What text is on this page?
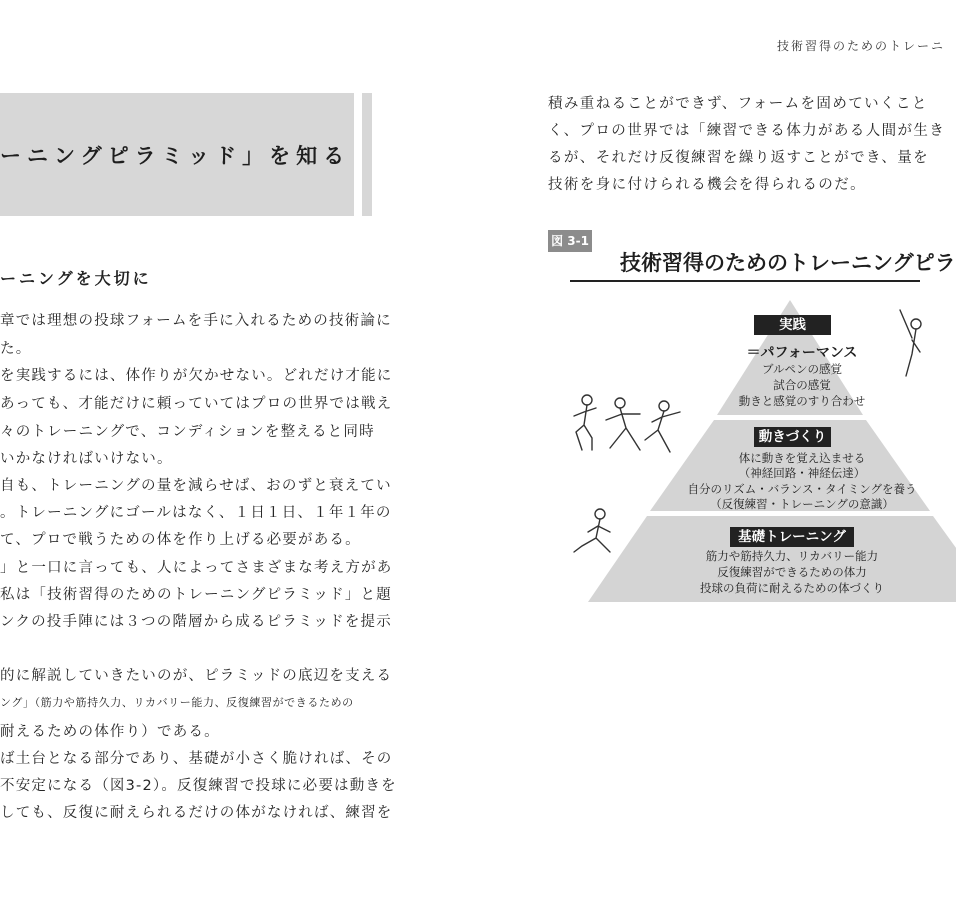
技術習得のためのトレーニ
ーニングピラミッド」を知る
ーニングを大切に
章では理想の投球フォームを手に入れるための技術論に
た。
を実践するには、体作りが欠かせない。どれだけ才能に
あっても、才能だけに頼っていてはプロの世界では戦え
々のトレーニングで、コンディションを整えると同時
いかなければいけない。
自も、トレーニングの量を減らせば、おのずと衰えてい
。トレーニングにゴールはなく、１日１日、１年１年の
て、プロで戦うための体を作り上げる必要がある。
」と一口に言っても、人によってさまざまな考え方があ
私は「技術習得のためのトレーニングピラミッド」と題
ンクの投手陣には３つの階層から成るピラミッドを提示
的に解説していきたいのが、ピラミッドの底辺を支える
ング」（筋力や筋持久力、リカバリー能力、反復練習ができるための
耐えるための体作り）である。
ば土台となる部分であり、基礎が小さく脆ければ、その
不安定になる（図3-2）。反復練習で投球に必要は動きを
しても、反復に耐えられるだけの体がなければ、練習を
積み重ねることができず、フォームを固めていくこと
く、プロの世界では「練習できる体力がある人間が生き
るが、それだけ反復練習を繰り返すことができ、量を
技術を身に付けられる機会を得られるのだ。
図 3-1
技術習得のためのトレーニングピラ
実践
＝パフォーマンス
ブルペンの感覚
試合の感覚
動きと感覚のすり合わせ
動きづくり
体に動きを覚え込ませる
（神経回路・神経伝達）
自分のリズム・バランス・タイミングを養う
（反復練習・トレーニングの意識）
基礎トレーニング
筋力や筋持久力、リカバリー能力
反復練習ができるための体力
投球の負荷に耐えるための体づくり
